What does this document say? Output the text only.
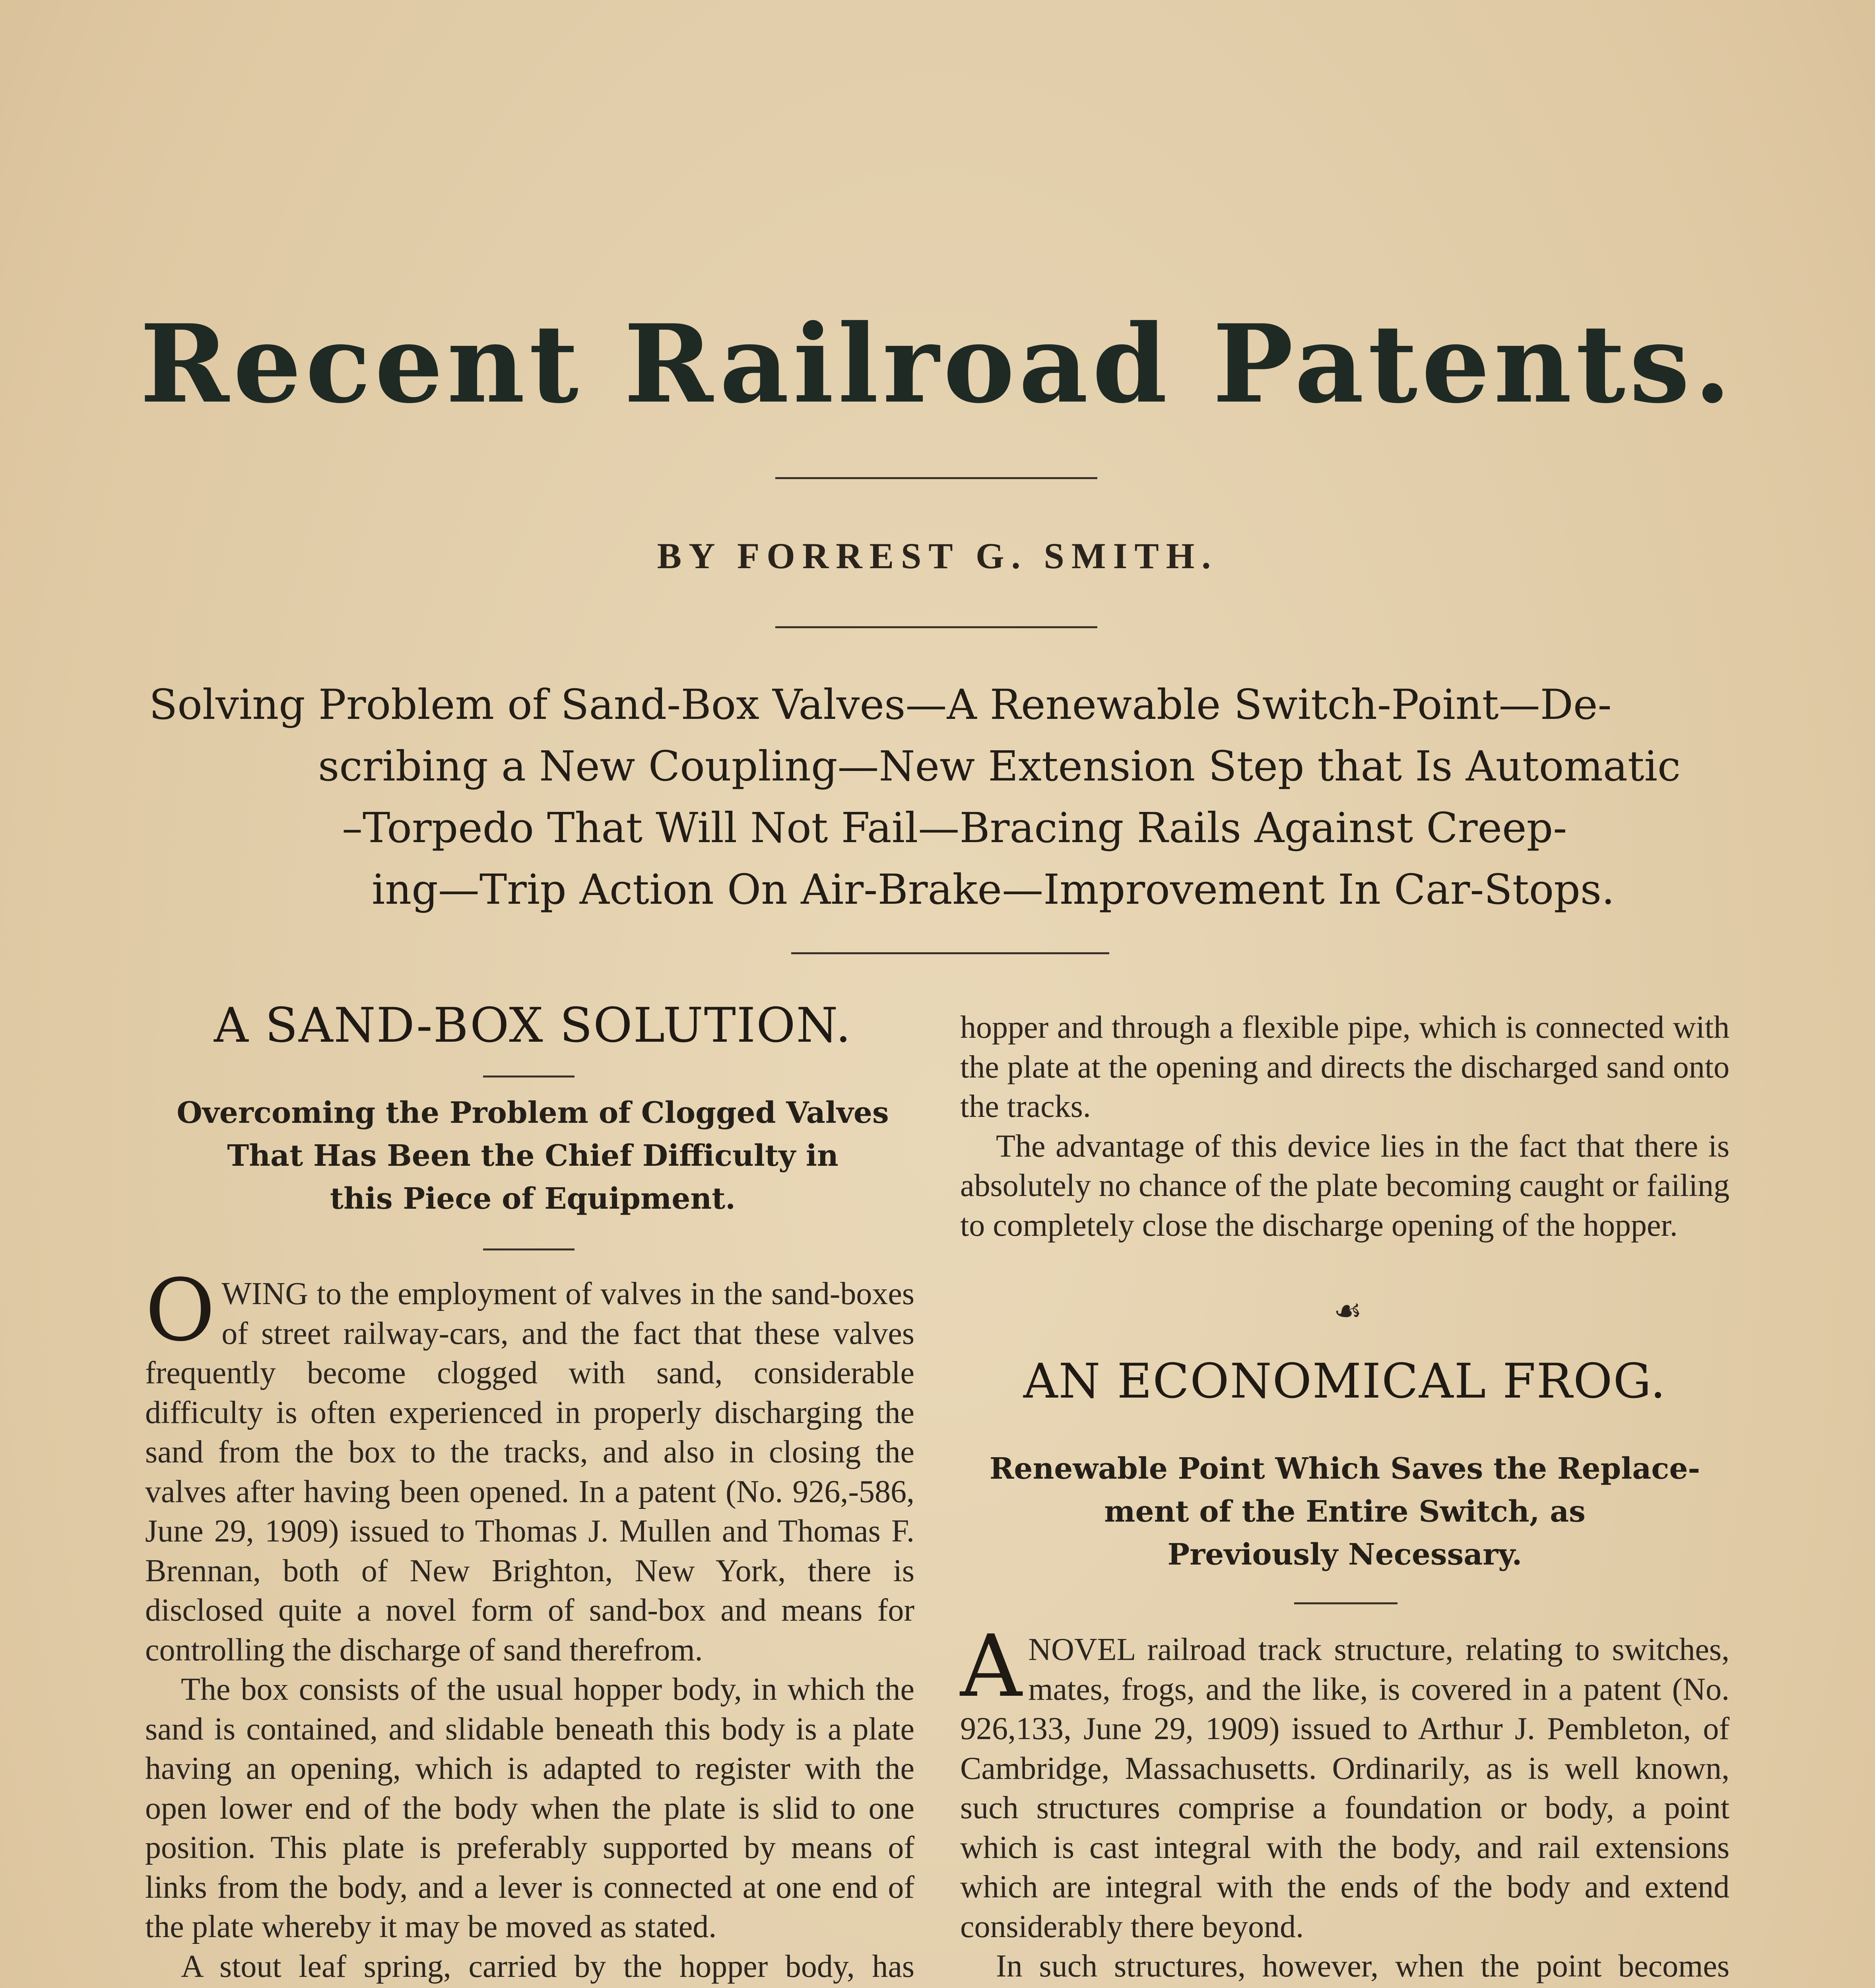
Recent Railroad Patents.
BY FORREST G. SMITH.
Solving Problem of Sand-Box Valves—A Renewable Switch-Point—De-
scribing a New Coupling—New Extension Step that Is Automatic
–Torpedo That Will Not Fail—Bracing Rails Against Creep-
ing—Trip Action On Air-Brake—Improvement In Car-Stops.
A SAND-BOX SOLUTION.
Overcoming the Problem of Clogged Valves
That Has Been the Chief Difficulty in
this Piece of Equipment.

OWING to the employment of valves in the sand-boxes of street railway-cars, and the fact that these valves frequently become clogged with sand, considerable difficulty is often experienced in properly discharging the sand from the box to the tracks, and also in closing the valves after having been opened. In a patent (No. 926,-586, June 29, 1909) issued to Thomas J. Mullen and Thomas F. Brennan, both of New Brighton, New York, there is disclosed quite a novel form of sand-box and means for controlling the discharge of sand therefrom.

The box consists of the usual hopper body, in which the sand is contained, and slidable beneath this body is a plate having an opening, which is adapted to register with the open lower end of the body when the plate is slid to one position. This plate is preferably supported by means of links from the body, and a lever is connected at one end of the plate whereby it may be moved as stated.

A stout leaf spring, carried by the hopper body, has

hopper and through a flexible pipe, which is connected with the plate at the opening and directs the discharged sand onto the tracks.

The advantage of this device lies in the fact that there is absolutely no chance of the plate becoming caught or failing to completely close the discharge opening of the hopper.

☙
AN ECONOMICAL FROG.
Renewable Point Which Saves the Replace-
ment of the Entire Switch, as
Previously Necessary.

ANOVEL railroad track structure, relating to switches, mates, frogs, and the like, is covered in a patent (No. 926,133, June 29, 1909) issued to Arthur J. Pembleton, of Cambridge, Massachusetts. Ordinarily, as is well known, such structures comprise a foundation or body, a point which is cast integral with the body, and rail extensions which are integral with the ends of the body and extend considerably there beyond.

In such structures, however, when the point becomes
